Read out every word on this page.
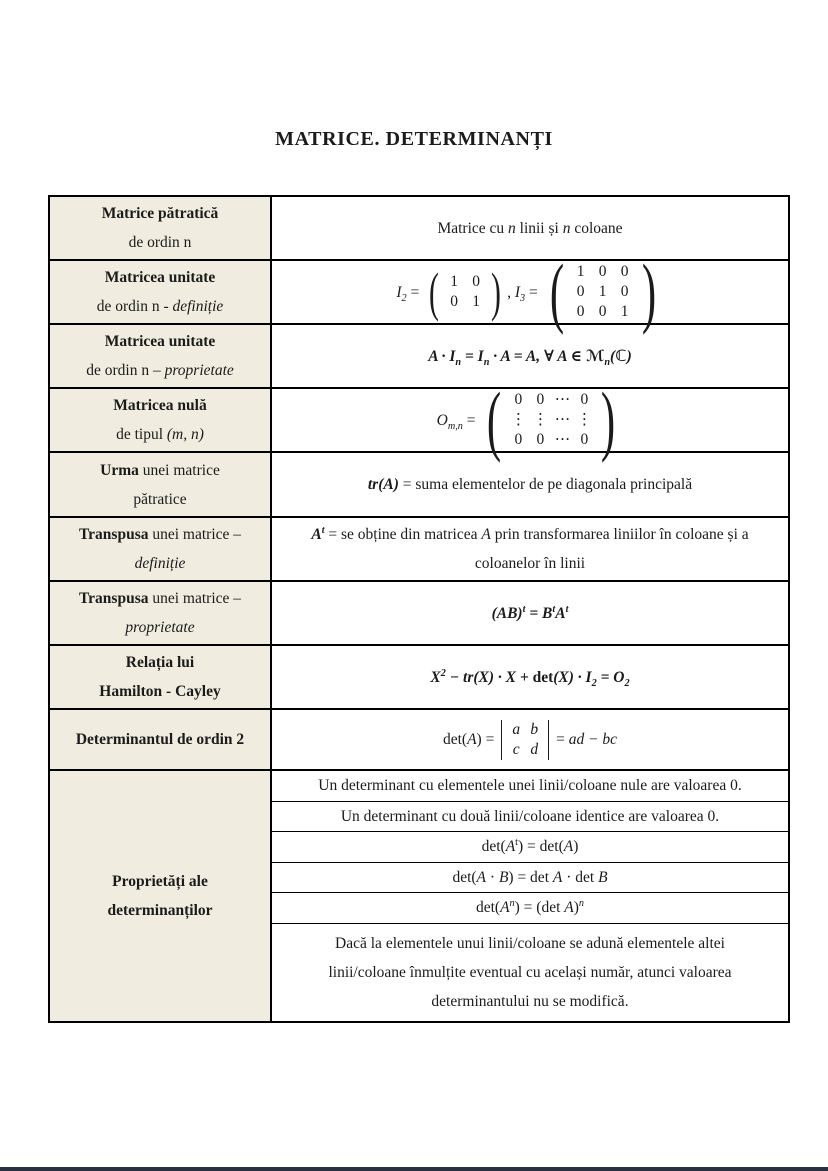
MATRICE. DETERMINANȚI
Matrice pătratică
de ordin n
Matrice cu n linii și n coloane
Matricea unitate
de ordin n - definiție
$I_2$ = ( 1 0
0 1 ) , $I_3$ = ( 1 0 0
0 1 0
0 0 1 )
Matricea unitate
de ordin n – proprietate
$A \cdot I_n = I_n \cdot A = A$, ∀ A ∈ ℳ$_n$(ℂ)
Matricea nulă
de tipul (m, n)
$O_{m,n}$ = ( 0 0 ⋯ 0
⋮ ⋮ ⋯ ⋮
0 0 ⋯ 0 )
Urma unei matrice
pătratice
tr(A) = suma elementelor de pe diagonala principală
Transpusa unei matrice –
definiție
$A^t$ = se obține din matricea A prin transformarea liniilor în coloane și a coloanelor în linii
Transpusa unei matrice –
proprietate
$(AB)^t = B^tA^t$
Relația lui
Hamilton - Cayley
$X^2 - tr(X) \cdot X + \det(X) \cdot I_2 = O_2$
Determinantul de ordin 2	det(A) =
a b
c d
= ad − bc
Proprietăți ale
determinanților
Un determinant cu elementele unei linii/coloane nule are valoarea 0.
Un determinant cu două linii/coloane identice are valoarea 0.
$\det(A^t) = \det(A)$
det(A · B) = det A · det B
$\det(A^n) = (\det$ A)$^n$
Dacă la elementele unui linii/coloane se adună elementele altei linii/coloane înmulțite eventual cu același număr, atunci valoarea determinantului nu se modifică.
